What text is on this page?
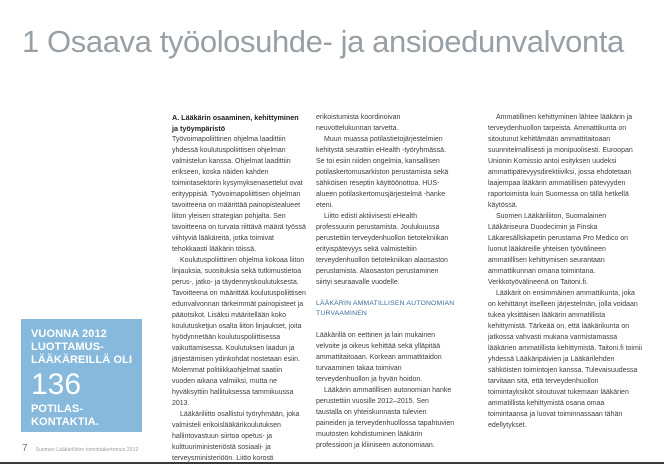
1 Osaava työolosuhde- ja ansioedunvalvonta
VUONNA 2012
LUOTTAMUS-
LÄÄKÄREILLÄ OLI
136
POTILAS-
KONTAKTIA.
A. Lääkärin osaaminen, kehittyminen ja työympäristö

Työvoimapoliittinen ohjelma laadittiin yhdessä koulutuspoliittisen ohjelman valmistelun kanssa. Ohjelmat laadittiin erikseen, koska näiden kahden toimintasektorin kysymyksenasettelut ovat erityyppisiä. Työvoimapoliittisen ohjelman tavoitteena on määrittää painopistealueet liiton yleisen strategian pohjalta. Sen tavoitteena on turvata riittävä määrä työssä viihtyviä lääkäreitä, jotka toimivat tehokkaasti lääkärin töissä.

Koulutuspoliittinen ohjelma kokoaa liiton linjauksia, suosituksia sekä tutkimustietoa perus-, jatko- ja täydennyskoulutuksesta. Tavoitteena on määrittää koulutuspoliittisen edunvalvonnan tärkeimmät painopisteet ja pääotsikot. Lisäksi määritellään koko koulutusketjun osalta liiton linjaukset, joita hyödynnetään koulutuspoliittisessa vaikuttamisessa. Koulutuksen laadun ja järjestämisen ydinkohdat nostetaan esiin. Molemmat politiikkaohjelmat saatiin vuoden aikana valmiiksi, mutta ne hyväksyttiin hallituksessa tammikuussa 2013.

Lääkäriliitto osallistui työryhmään, joka valmisteli erikoislääkärikoulutuksen hallintovastuun siirtoa opetus- ja kulttuuriministeriöstä sosiaali- ja terveysministeriöön. Liitto korosti

erikoistumista koordinoivan neuvottelukunnan tarvetta.

Muun muassa potilastietojärjestelmien kehitystä seurattiin eHealth -työryhmässä. Se toi esiin niiden ongelmia, kansallisen potilaskertomusarkiston perustamista sekä sähköisen reseptin käyttöönottoa. HUS-alueen potilaskertomusjärjestelmä -hanke eteni.

Liitto edisti aktiivisesti eHealth professuurin perustamista. Joulukuussa perustettiin terveydenhuollon tietotekniikan erityispätevyys sekä valmisteltiin terveydenhuollon tietotekniikan alaosaston perustamista. Alaosaston perustaminen siirtyi seuraavalle vuodelle.

LÄÄKÄRIN AMMATILLISEN AUTONOMIAN TURVAAMINEN

Lääkärillä on eettinen ja lain mukainen velvoite ja oikeus kehittää sekä ylläpitää ammattitaitoaan. Korkean ammattitaidon turvaaminen takaa toimivan terveydenhuollon ja hyvän hoidon.

Lääkärin ammatillisen autonomian hanke perustettiin vuosille 2012–2015. Sen taustalla on yhteiskunnasta tulevien paineiden ja terveydenhuollossa tapahtuvien muutosten kohdistuminen lääkärin professioon ja kliiniseen autonomiaan.

Ammatillinen kehittyminen lähtee lääkärin ja terveydenhuollon tarpeista. Ammattikunta on sitoutunut kehittämään ammattitaitoaan suunnitelmallisesti ja monipuolisesti. Euroopan Unionin Komissio antoi esityksen uudeksi ammattipätevyysdirektiiviksi, jossa ehdotetaan laajempaa lääkärin ammatillisen pätevyyden raportoimista kuin Suomessa on tällä hetkellä käytössä.

Suomen Lääkäriliiton, Suomalainen Lääkäriseura Duodecimin ja Finska Läkaresällskapetin perustama Pro Medico on luonut lääkäreille yhteisen työvälineen ammatillisen kehittymisen seurantaan ammattikunnan omana toimintana. Verkkotyövälineenä on Taitoni.fi.

Lääkärit on ensimmäinen ammattikunta, joka on kehittänyt itselleen järjestelmän, jolla voidaan tukea yksittäisen lääkärin ammatillista kehittymistä. Tärkeää on, että lääkärikunta on jatkossa vahvasti mukana varmistamassa lääkärien ammatillista kehittymistä. Taitoni.fi toimii yhdessä Lääkäripäivien ja Lääkärilehden sähköisten toimintojen kanssa. Tulevaisuudessa tarvitaan sitä, että terveydenhuollon toimintayksiköt sitoutuvat tukemaan lääkärien ammatillista kehittymistä osana omaa toimintaansa ja luovat toiminnassaan tähän edellytykset.

7 Suomen Lääkäriliiton toimintakertomus 2012
